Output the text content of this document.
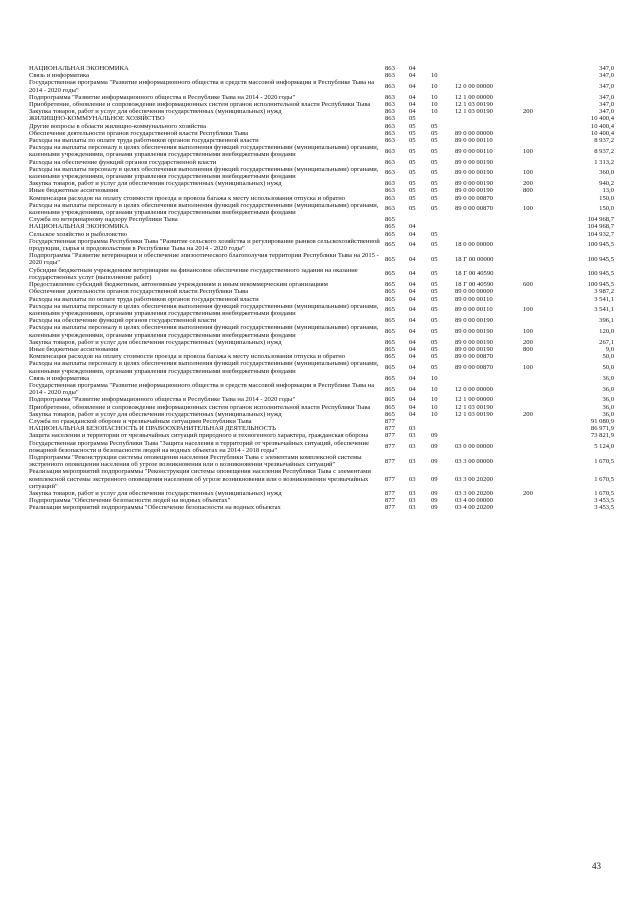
НАЦИОНАЛЬНАЯ ЭКОНОМИКА	863	04				347,0
Связь и информатика	863	04	10			347,0
Государственная программа "Развитие информационного общества и средств массовой информации в Республике Тыва на 2014 - 2020 годы"	863	04	10	12 0 00 00000		347,0
Подпрограмма "Развитие информационного общества в Республике Тыва на 2014 - 2020 годы"	863	04	10	12 1 00 00000		347,0
Приобретение, обновление и сопровождение информационных систем органов исполнительной власти Республики Тыва	863	04	10	12 1 03 00190		347,0
Закупка товаров, работ и услуг для обеспечения государственных (муниципальных) нужд	863	04	10	12 1 03 00190	200	347,0
ЖИЛИЩНО-КОММУНАЛЬНОЕ ХОЗЯЙСТВО	863	05				10 400,4
Другие вопросы в области жилищно-коммунального хозяйства	863	05	05			10 400,4
Обеспечение деятельности органов государственной власти Республики Тыва	863	05	05	89 0 00 00000		10 400,4
Расходы на выплаты по оплате труда работников органов государственной власти	863	05	05	89 0 00 00110		8 937,2
Расходы на выплаты персоналу в целях обеспечения выполнения функций государственными (муниципальными) органами, казенными учреждениями, органами управления государственными внебюджетными фондами	863	05	05	89 0 00 00110	100	8 937,2
Расходы на обеспечение функций органов государственной власти	863	05	05	89 0 00 00190		1 313,2
Расходы на выплаты персоналу в целях обеспечения выполнения функций государственными (муниципальными) органами, казенными учреждениями, органами управления государственными внебюджетными фондами	863	05	05	89 0 00 00190	100	360,0
Закупка товаров, работ и услуг для обеспечения государственных (муниципальных) нужд	863	05	05	89 0 00 00190	200	940,2
Иные бюджетные ассигнования	863	05	05	89 0 00 00190	800	13,0
Компенсация расходов на оплату стоимости проезда и провоза багажа к месту использования отпуска и обратно	863	05	05	89 0 00 00870		150,0
Расходы на выплаты персоналу в целях обеспечения выполнения функций государственными (муниципальными) органами, казенными учреждениями, органами управления государственными внебюджетными фондами	863	05	05	89 0 00 00870	100	150,0
Служба по ветеринарному надзору Республики Тыва	865					104 968,7
НАЦИОНАЛЬНАЯ ЭКОНОМИКА	865	04				104 968,7
Сельское хозяйство и рыболовство	865	04	05			104 932,7
Государственная программа Республики Тыва "Развитие сельского хозяйства и регулирование рынков сельскохозяйственной продукции, сырья и продовольствия в Республике Тыва на 2014 - 2020 годы"	865	04	05	18 0 00 00000		100 945,5
Подпрограмма "Развитие ветеринарии и обеспечение эпизоотического благополучия территории Республики Тыва на 2015 - 2020 годы"	865	04	05	18 Г 00 00000		100 945,5
Субсидии бюджетным учреждениям ветеринарии на финансовое обеспечение государственного задания на оказание государственных услуг (выполнение работ)	865	04	05	18 Г 00 40590		100 945,5
Предоставление субсидий бюджетным, автономным учреждениям и иным некоммерческим организациям	865	04	05	18 Г 00 40590	600	100 945,5
Обеспечение деятельности органов государственной власти Республики Тыва	865	04	05	89 0 00 00000		3 987,2
Расходы на выплаты по оплате труда работников органов государственной власти	865	04	05	89 0 00 00110		3 541,1
Расходы на выплаты персоналу в целях обеспечения выполнения функций государственными (муниципальными) органами, казенными учреждениями, органами управления государственными внебюджетными фондами	865	04	05	89 0 00 00110	100	3 541,1
Расходы на обеспечение функций органов государственной власти	865	04	05	89 0 00 00190		396,1
Расходы на выплаты персоналу в целях обеспечения выполнения функций государственными (муниципальными) органами, казенными учреждениями, органами управления государственными внебюджетными фондами	865	04	05	89 0 00 00190	100	120,0
Закупка товаров, работ и услуг для обеспечения государственных (муниципальных) нужд	865	04	05	89 0 00 00190	200	267,1
Иные бюджетные ассигнования	865	04	05	89 0 00 00190	800	9,0
Компенсация расходов на оплату стоимости проезда и провоза багажа к месту использования отпуска и обратно	865	04	05	89 0 00 00870		50,0
Расходы на выплаты персоналу в целях обеспечения выполнения функций государственными (муниципальными) органами, казенными учреждениями, органами управления государственными внебюджетными фондами	865	04	05	89 0 00 00870	100	50,0
Связь и информатика	865	04	10			36,0
Государственная программа "Развитие информационного общества и средств массовой информации в Республике Тыва на 2014 - 2020 годы"	865	04	10	12 0 00 00000		36,0
Подпрограмма "Развитие информационного общества в Республике Тыва на 2014 - 2020 годы"	865	04	10	12 1 00 00000		36,0
Приобретение, обновление и сопровождение информационных систем органов исполнительной власти Республики Тыва	865	04	10	12 1 03 00190		36,0
Закупка товаров, работ и услуг для обеспечения государственных (муниципальных) нужд	865	04	10	12 1 03 00190	200	36,0
Служба по гражданской обороне и чрезвычайным ситуациям Республики Тыва	877					91 080,9
НАЦИОНАЛЬНАЯ БЕЗОПАСНОСТЬ И ПРАВООХРАНИТЕЛЬНАЯ ДЕЯТЕЛЬНОСТЬ	877	03				86 971,9
Защита населения и территории от чрезвычайных ситуаций природного и техногенного характера, гражданская оборона	877	03	09			73 821,9
Государственная программа Республики Тыва "Защита населения и территорий от чрезвычайных ситуаций, обеспечение пожарной безопасности и безопасности людей на водных объектах на 2014 - 2018 годы"	877	03	09	03 0 00 00000		5 124,0
Подпрограмма "Реконструкция системы оповещения населения Республики Тыва с элементами комплексной системы экстренного оповещения населения об угрозе возникновения или о возникновении чрезвычайных ситуаций"	877	03	09	03 3 00 00000		1 670,5
Реализация мероприятий подпрограммы "Реконструкция системы оповещения населения Республики Тыва с элементами комплексной системы экстренного оповещения населения об угрозе возникновения или о возникновении чрезвычайных ситуаций"	877	03	09	03 3 00 20200		1 670,5
Закупка товаров, работ и услуг для обеспечения государственных (муниципальных) нужд	877	03	09	03 3 00 20200	200	1 670,5
Подпрограмма "Обеспечение безопасности людей на водных объектах"	877	03	09	03 4 00 00000		3 453,5
Реализация мероприятий подпрограммы "Обеспечение безопасности на водных объектах	877	03	09	03 4 00 20200		3 453,5
43
